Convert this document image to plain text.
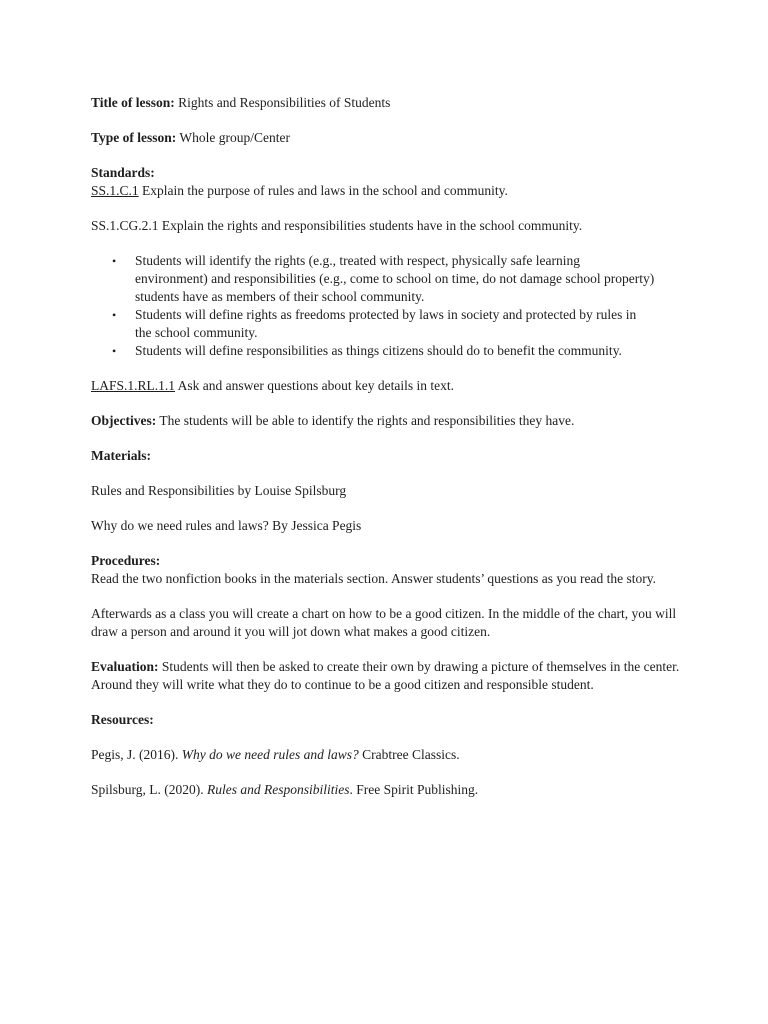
Title of lesson: Rights and Responsibilities of Students

Type of lesson: Whole group/Center

Standards:

SS.1.C.1 Explain the purpose of rules and laws in the school and community.

SS.1.CG.2.1 Explain the rights and responsibilities students have in the school community.

• Students will identify the rights (e.g., treated with respect, physically safe learning environment) and responsibilities (e.g., come to school on time, do not damage school property) students have as members of their school community.
• Students will define rights as freedoms protected by laws in society and protected by rules in the school community.
• Students will define responsibilities as things citizens should do to benefit the community.

LAFS.1.RL.1.1 Ask and answer questions about key details in text.

Objectives: The students will be able to identify the rights and responsibilities they have.

Materials:

Rules and Responsibilities by Louise Spilsburg

Why do we need rules and laws? By Jessica Pegis

Procedures:

Read the two nonfiction books in the materials section. Answer students’ questions as you read the story.

Afterwards as a class you will create a chart on how to be a good citizen. In the middle of the chart, you will draw a person and around it you will jot down what makes a good citizen.

Evaluation: Students will then be asked to create their own by drawing a picture of themselves in the center. Around they will write what they do to continue to be a good citizen and responsible student.

Resources:

Pegis, J. (2016). Why do we need rules and laws? Crabtree Classics.

Spilsburg, L. (2020). Rules and Responsibilities. Free Spirit Publishing.
